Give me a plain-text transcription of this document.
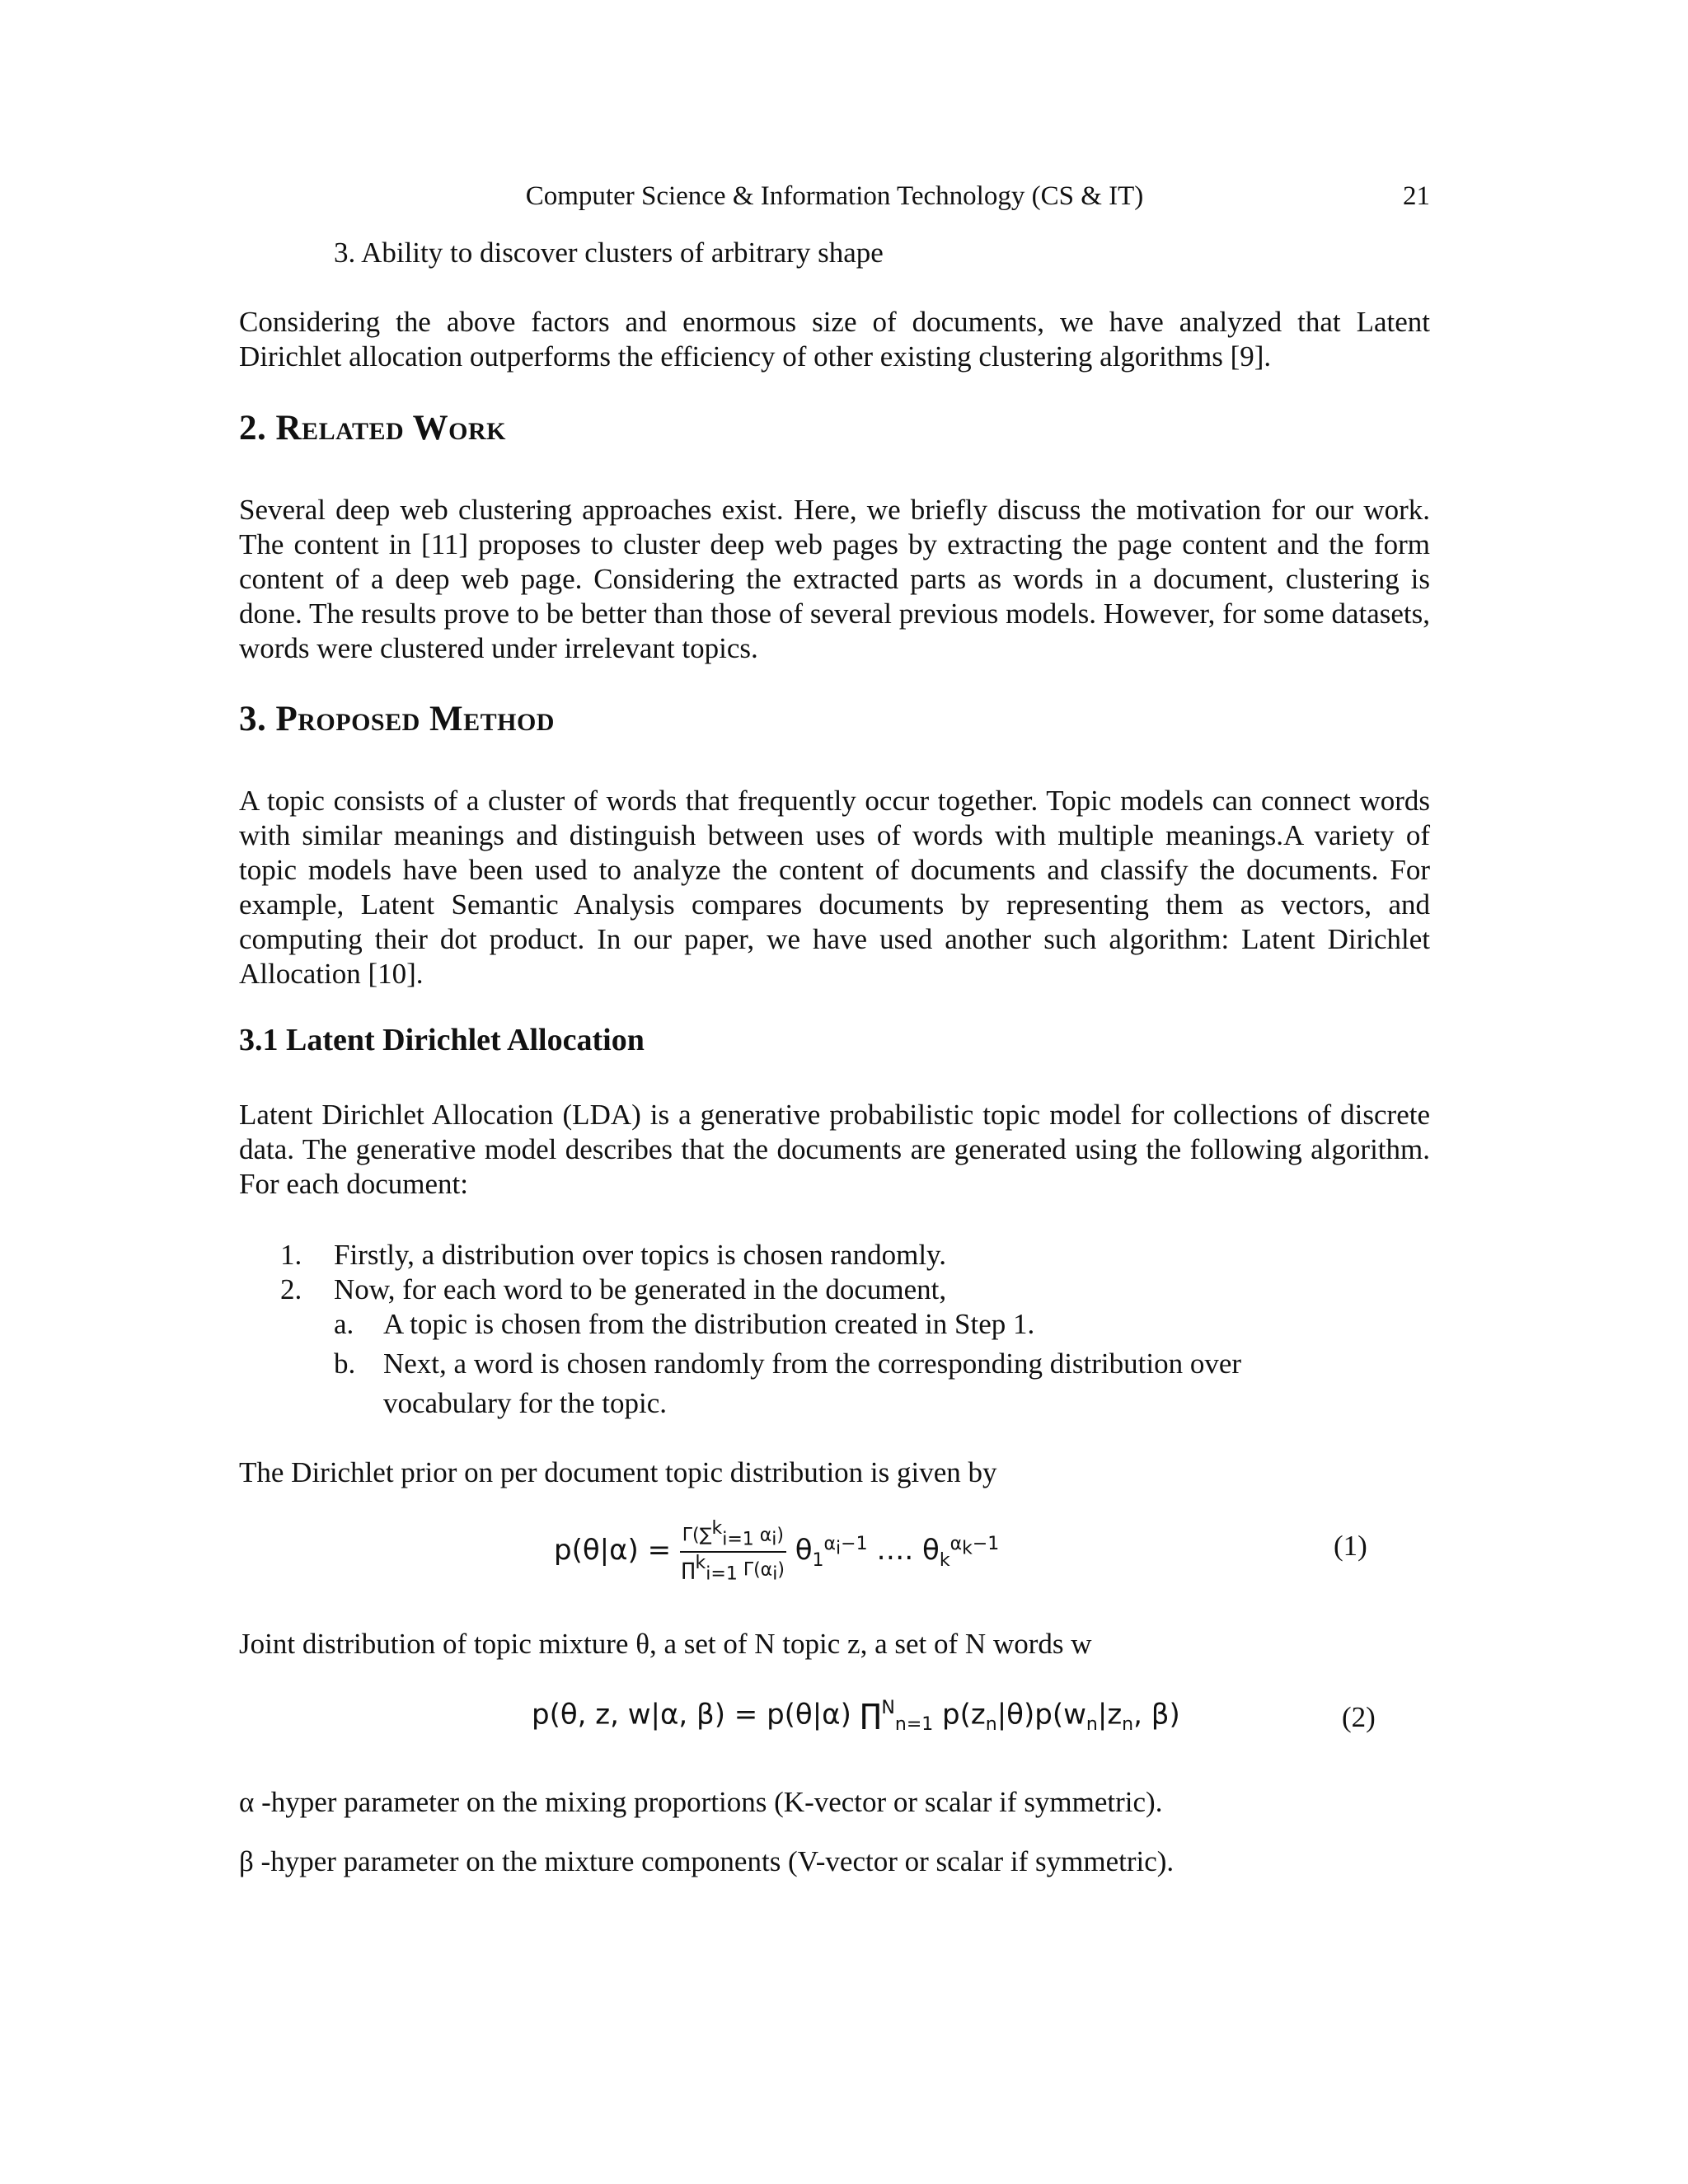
Computer Science & Information Technology (CS & IT)	21
3. Ability to discover clusters of arbitrary shape

Considering the above factors and enormous size of documents, we have analyzed that Latent Dirichlet allocation outperforms the efficiency of other existing clustering algorithms [9].

2. Related Work

Several deep web clustering approaches exist. Here, we briefly discuss the motivation for our work. The content in [11] proposes to cluster deep web pages by extracting the page content and the form content of a deep web page. Considering the extracted parts as words in a document, clustering is done. The results prove to be better than those of several previous models. However, for some datasets, words were clustered under irrelevant topics.

3. Proposed Method

A topic consists of a cluster of words that frequently occur together. Topic models can connect words with similar meanings and distinguish between uses of words with multiple meanings.A variety of topic models have been used to analyze the content of documents and classify the documents. For example, Latent Semantic Analysis compares documents by representing them as vectors, and computing their dot product. In our paper, we have used another such algorithm: Latent Dirichlet Allocation [10].

3.1 Latent Dirichlet Allocation

Latent Dirichlet Allocation (LDA) is a generative probabilistic topic model for collections of discrete data. The generative model describes that the documents are generated using the following algorithm. For each document:

1. Firstly, a distribution over topics is chosen randomly.
2. Now, for each word to be generated in the document,
a. A topic is chosen from the distribution created in Step 1.
b. Next, a word is chosen randomly from the corresponding distribution over
vocabulary for the topic.

The Dirichlet prior on per document topic distribution is given by

$p(\theta|\alpha) = \frac{\Gamma(\sum^k_{i=1} \alpha_i)}{\prod^k_{i=1} \Gamma(\alpha_i)} \theta_1^{\alpha_i-1}$ …. $\theta_k^{\alpha_k-1}$	(1)

Joint distribution of topic mixture θ, a set of N topic z, a set of N words w

p(θ, z, w|α, β) = p(θ|α) ∏$^N_{n=1}$ $p(z_n|\theta)p(w_n|z_n$, β)	(2)

α -hyper parameter on the mixing proportions (K-vector or scalar if symmetric).

β -hyper parameter on the mixture components (V-vector or scalar if symmetric).
